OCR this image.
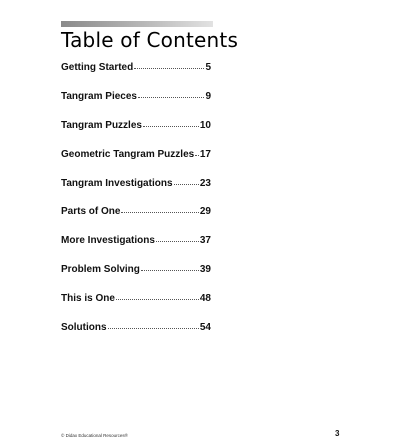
Table of Contents
Getting Started	5
Tangram Pieces	9
Tangram Puzzles	10
Geometric Tangram Puzzles 17
Tangram Investigations	23
Parts of One	29
More Investigations	37
Problem Solving	39
This is One	48
Solutions	54
© Didax Educational Resources®	3
